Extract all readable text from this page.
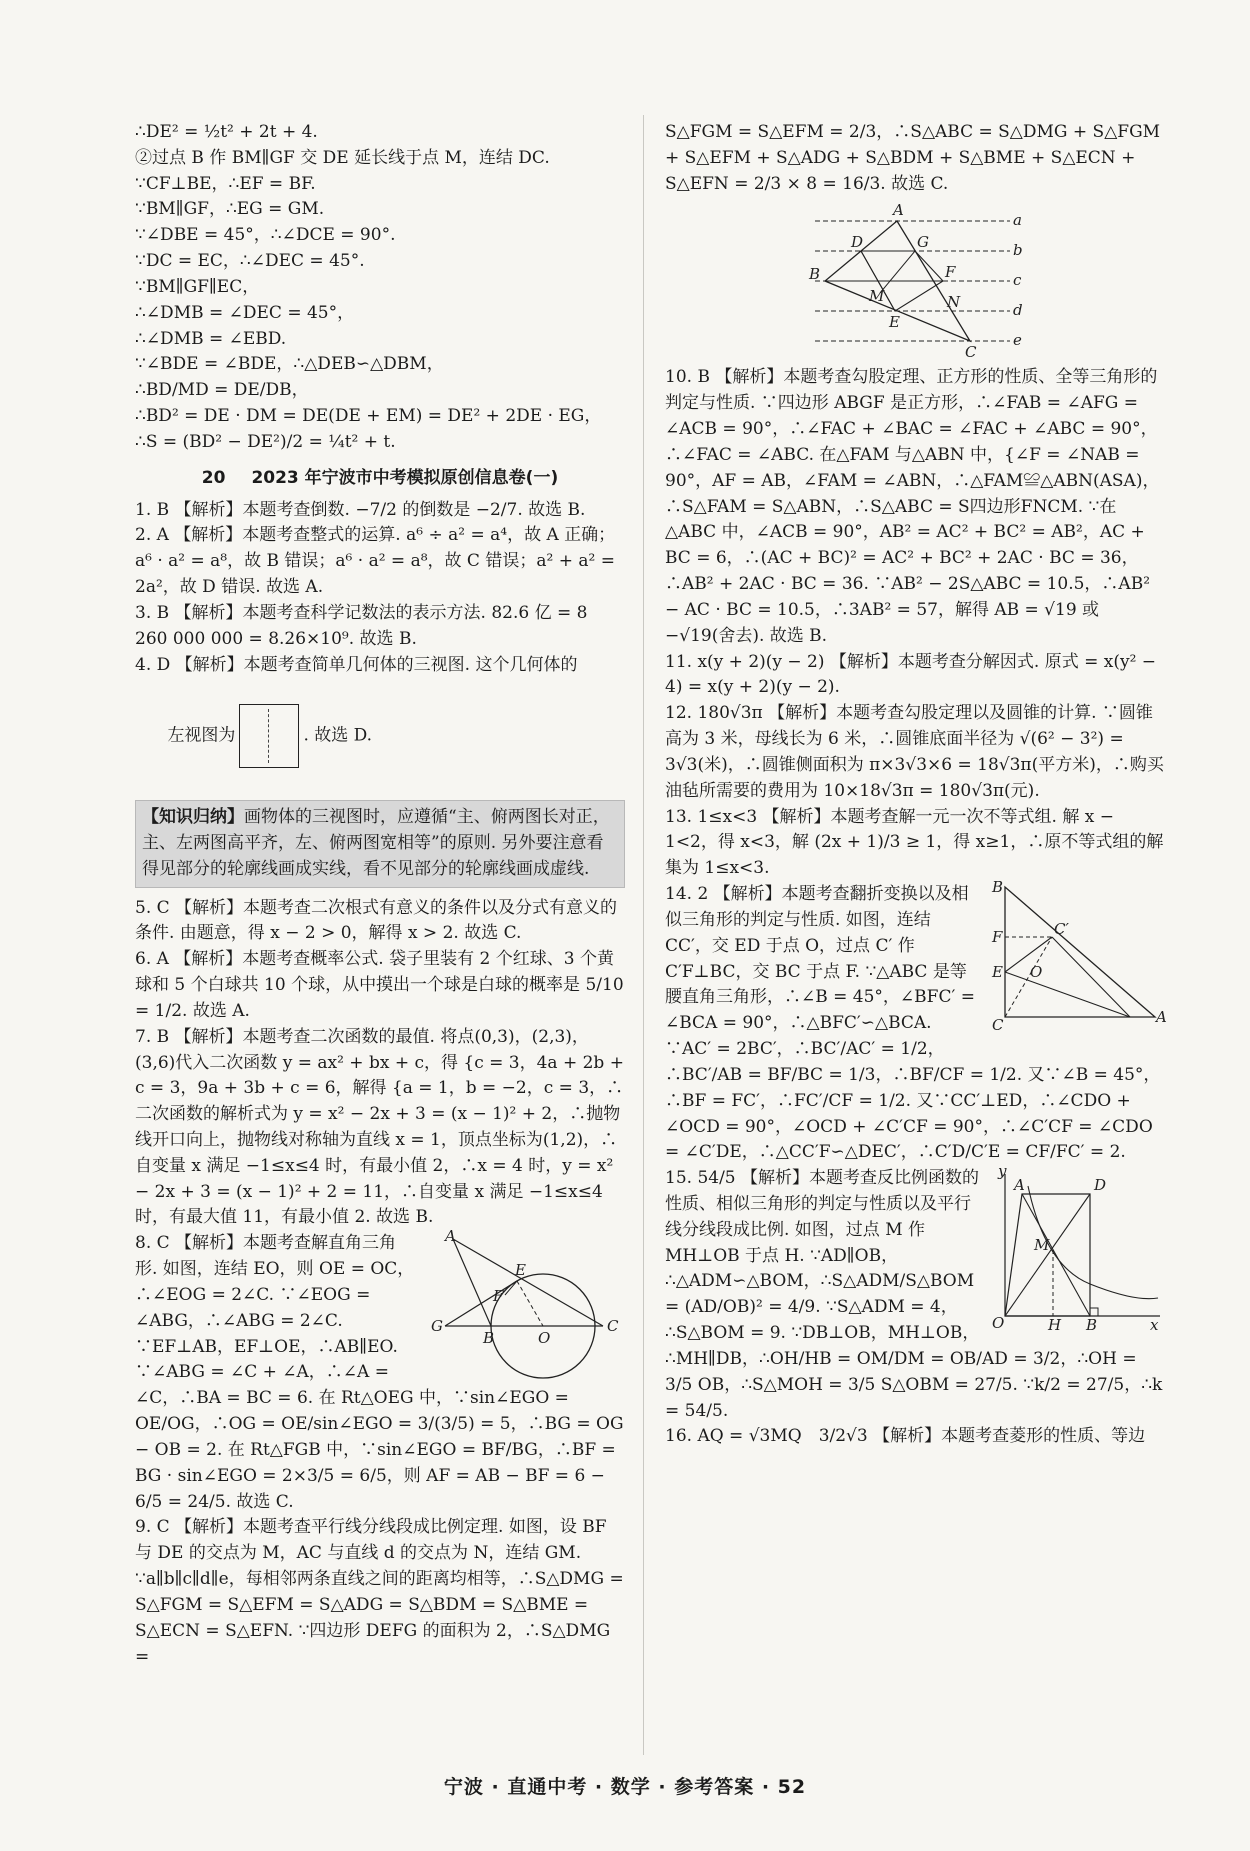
∴DE² = ½t² + 2t + 4.

②过点 B 作 BM∥GF 交 DE 延长线于点 M，连结 DC.

∵CF⊥BE，∴EF = BF.

∵BM∥GF，∴EG = GM.

∵∠DBE = 45°，∴∠DCE = 90°.

∵DC = EC，∴∠DEC = 45°.

∵BM∥GF∥EC，

∴∠DMB = ∠DEC = 45°，

∴∠DMB = ∠EBD.

∵∠BDE = ∠BDE，∴△DEB∽△DBM，

∴BD/MD = DE/DB，

∴BD² = DE · DM = DE(DE + EM) = DE² + 2DE · EG，

∴S = (BD² − DE²)/2 = ¼t² + t.

20 2023 年宁波市中考模拟原创信息卷(一)

1. B 【解析】本题考查倒数. −7/2 的倒数是 −2/7. 故选 B.

2. A 【解析】本题考查整式的运算. a⁶ ÷ a² = a⁴，故 A 正确；a⁶ · a² = a⁸，故 B 错误；a⁶ · a² = a⁸，故 C 错误；a² + a² = 2a²，故 D 错误. 故选 A.

3. B 【解析】本题考查科学记数法的表示方法. 82.6 亿 = 8 260 000 000 = 8.26×10⁹. 故选 B.

4. D 【解析】本题考查简单几何体的三视图. 这个几何体的

左视图为	. 故选 D.

【知识归纳】画物体的三视图时，应遵循“主、俯两图长对正，主、左两图高平齐，左、俯两图宽相等”的原则. 另外要注意看得见部分的轮廓线画成实线，看不见部分的轮廓线画成虚线.

5. C 【解析】本题考查二次根式有意义的条件以及分式有意义的条件. 由题意，得 x − 2 > 0，解得 x > 2. 故选 C.

6. A 【解析】本题考查概率公式. 袋子里装有 2 个红球、3 个黄球和 5 个白球共 10 个球，从中摸出一个球是白球的概率是 5/10 = 1/2. 故选 A.

7. B 【解析】本题考查二次函数的最值. 将点(0,3)，(2,3)，(3,6)代入二次函数 y = ax² + bx + c，得 {c = 3，4a + 2b + c = 3，9a + 3b + c = 6，解得 {a = 1，b = −2，c = 3，∴二次函数的解析式为 y = x² − 2x + 3 = (x − 1)² + 2，∴抛物线开口向上，抛物线对称轴为直线 x = 1，顶点坐标为(1,2)，∴自变量 x 满足 −1≤x≤4 时，有最小值 2，∴x = 4 时，y = x² − 2x + 3 = (x − 1)² + 2 = 11，∴自变量 x 满足 −1≤x≤4 时，有最大值 11，有最小值 2. 故选 B.

A
E
F
G
B	O
C

8. C 【解析】本题考查解直角三角形. 如图，连结 EO，则 OE = OC，∴∠EOG = 2∠C. ∵∠EOG = ∠ABG，∴∠ABG = 2∠C. ∵EF⊥AB，EF⊥OE，∴AB∥EO. ∵∠ABG = ∠C + ∠A，∴∠A = ∠C，∴BA = BC = 6. 在 Rt△OEG 中，∵sin∠EGO = OE/OG，∴OG = OE/sin∠EGO = 3/(3/5) = 5，∴BG = OG − OB = 2. 在 Rt△FGB 中，∵sin∠EGO = BF/BG，∴BF = BG · sin∠EGO = 2×3/5 = 6/5，则 AF = AB − BF = 6 − 6/5 = 24/5. 故选 C.

9. C 【解析】本题考查平行线分线段成比例定理. 如图，设 BF 与 DE 的交点为 M，AC 与直线 d 的交点为 N，连结 GM. ∵a∥b∥c∥d∥e，每相邻两条直线之间的距离均相等，∴S△DMG = S△FGM = S△EFM = S△ADG = S△BDM = S△BME = S△ECN = S△EFN. ∵四边形 DEFG 的面积为 2，∴S△DMG =

S△FGM = S△EFM = 2/3，∴S△ABC = S△DMG + S△FGM + S△EFM + S△ADG + S△BDM + S△BME + S△ECN + S△EFN = 2/3 × 8 = 16/3. 故选 C.

A
D	G
B	F
M	N
E
C
a
b
c
d
e

10. B 【解析】本题考查勾股定理、正方形的性质、全等三角形的判定与性质. ∵四边形 ABGF 是正方形，∴∠FAB = ∠AFG = ∠ACB = 90°，∴∠FAC + ∠BAC = ∠FAC + ∠ABC = 90°，∴∠FAC = ∠ABC. 在△FAM 与△ABN 中，{∠F = ∠NAB = 90°，AF = AB，∠FAM = ∠ABN，∴△FAM≌△ABN(ASA)，∴S△FAM = S△ABN，∴S△ABC = S四边形FNCM. ∵在△ABC 中，∠ACB = 90°，AB² = AC² + BC² = AB²，AC + BC = 6，∴(AC + BC)² = AC² + BC² + 2AC · BC = 36，∴AB² + 2AC · BC = 36. ∵AB² − 2S△ABC = 10.5，∴AB² − AC · BC = 10.5，∴3AB² = 57，解得 AB = √19 或 −√19(舍去). 故选 B.

11. x(y + 2)(y − 2) 【解析】本题考查分解因式. 原式 = x(y² − 4) = x(y + 2)(y − 2).

12. 180√3π 【解析】本题考查勾股定理以及圆锥的计算. ∵圆锥高为 3 米，母线长为 6 米，∴圆锥底面半径为 √(6² − 3²) = 3√3(米)，∴圆锥侧面积为 π×3√3×6 = 18√3π(平方米)，∴购买油毡所需要的费用为 10×18√3π = 180√3π(元).

13. 1≤x<3 【解析】本题考查解一元一次不等式组. 解 x − 1<2，得 x<3，解 (2x + 1)/3 ≥ 1，得 x≥1，∴原不等式组的解集为 1≤x<3.

B
C′
F
E O
C	A

14. 2 【解析】本题考查翻折变换以及相似三角形的判定与性质. 如图，连结 CC′，交 ED 于点 O，过点 C′ 作 C′F⊥BC，交 BC 于点 F. ∵△ABC 是等腰直角三角形，∴∠B = 45°，∠BFC′ = ∠BCA = 90°，∴△BFC′∽△BCA. ∵AC′ = 2BC′，∴BC′/AC′ = 1/2，∴BC′/AB = BF/BC = 1/3，∴BF/CF = 1/2. 又∵∠B = 45°，∴BF = FC′，∴FC′/CF = 1/2. 又∵CC′⊥ED，∴∠CDO + ∠OCD = 90°，∠OCD + ∠C′CF = 90°，∴∠C′CF = ∠CDO = ∠C′DE，∴△CC′F∽△DEC′，∴C′D/C′E = CF/FC′ = 2.

y
A	D
M
O	H B	x

15. 54/5 【解析】本题考查反比例函数的性质、相似三角形的判定与性质以及平行线分线段成比例. 如图，过点 M 作 MH⊥OB 于点 H. ∵AD∥OB，∴△ADM∽△BOM，∴S△ADM/S△BOM = (AD/OB)² = 4/9. ∵S△ADM = 4，∴S△BOM = 9. ∵DB⊥OB，MH⊥OB，∴MH∥DB，∴OH/HB = OM/DM = OB/AD = 3/2，∴OH = 3/5 OB，∴S△MOH = 3/5 S△OBM = 27/5. ∵k/2 = 27/5，∴k = 54/5.

16. AQ = √3MQ　3/2√3 【解析】本题考查菱形的性质、等边

宁波 · 直通中考 · 数学 · 参考答案 · 52
